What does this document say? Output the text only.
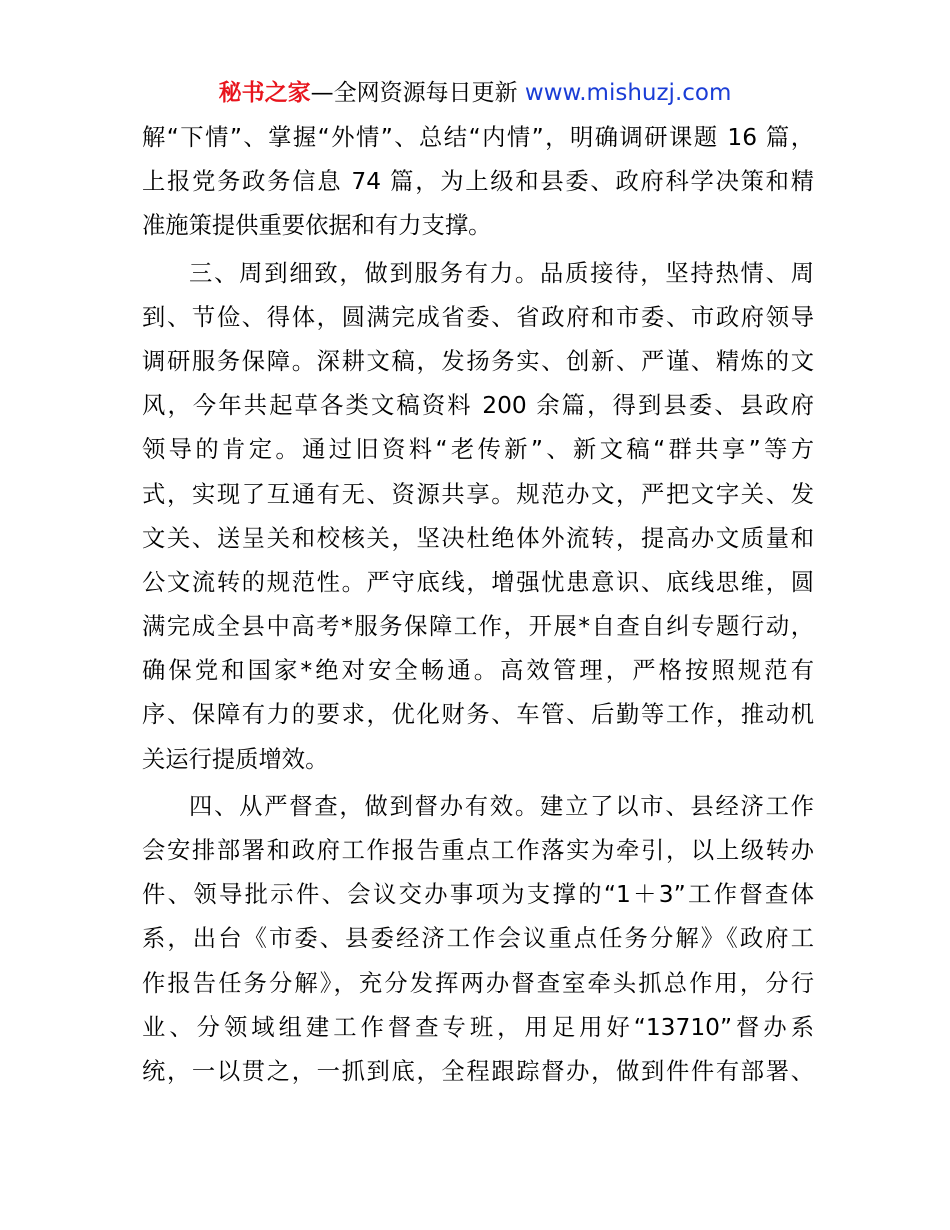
秘书之家—全网资源每日更新 www.mishuzj.com
解“下情”、掌握“外情”、总结“内情”，明确调研课题 16 篇，
上报党务政务信息 74 篇，为上级和县委、政府科学决策和精
准施策提供重要依据和有力支撑。
三、周到细致，做到服务有力。品质接待，坚持热情、周
到、节俭、得体，圆满完成省委、省政府和市委、市政府领导
调研服务保障。深耕文稿，发扬务实、创新、严谨、精炼的文
风，今年共起草各类文稿资料 200 余篇，得到县委、县政府
领导的肯定。通过旧资料“老传新”、新文稿“群共享”等方
式，实现了互通有无、资源共享。规范办文，严把文字关、发
文关、送呈关和校核关，坚决杜绝体外流转，提高办文质量和
公文流转的规范性。严守底线，增强忧患意识、底线思维，圆
满完成全县中高考*服务保障工作，开展*自查自纠专题行动，
确保党和国家*绝对安全畅通。高效管理，严格按照规范有
序、保障有力的要求，优化财务、车管、后勤等工作，推动机
关运行提质增效。
四、从严督查，做到督办有效。建立了以市、县经济工作
会安排部署和政府工作报告重点工作落实为牵引，以上级转办
件、领导批示件、会议交办事项为支撑的“1＋3”工作督查体
系，出台《市委、县委经济工作会议重点任务分解》《政府工
作报告任务分解》，充分发挥两办督查室牵头抓总作用，分行
业、分领域组建工作督查专班，用足用好“13710”督办系
统，一以贯之，一抓到底，全程跟踪督办，做到件件有部署、
